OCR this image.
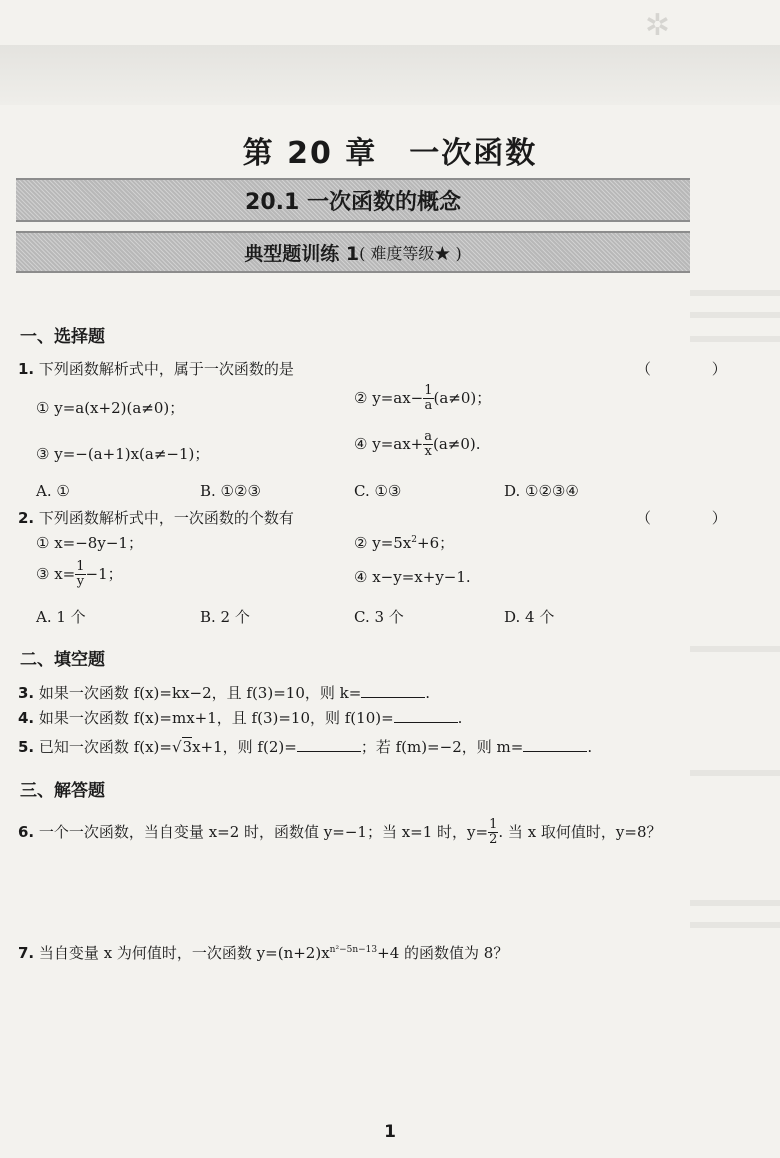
✲
第 20 章　一次函数
20.1 一次函数的概念
典型题训练 1 ( 难度等级★ )
一、选择题
1. 下列函数解析式中，属于一次函数的是	（ ）
① y=a(x+2)(a≠0)；
② $y=ax- \frac{1}{a} (a\ne 0)$；
③ y=−(a+1)x(a≠−1)；
④ $y=ax+ \frac{a}{x} (a\ne 0)$.
A. ①	B. ①②③	C. ①③	D. ①②③④
2. 下列函数解析式中，一次函数的个数有	（ ）
① x=−8y−1；	② $y=5x^2+6$；
③ $x= \frac{1}{y} -1$；	④ x−y=x+y−1.
A. 1 个	B. 2 个	C. 3 个	D. 4 个
二、填空题
3. 如果一次函数 f(x)=kx−2，且 f(3)=10，则 k=	.
4. 如果一次函数 f(x)=mx+1，且 f(3)=10，则 f(10)=	.
5. 已知一次函数 f(x)=√3x+1，则 f(2)=	；若 f(m)=−2，则 m=	.
三、解答题
6. 一个一次函数，当自变量 x=2 时，函数值 y=−1；当 x=1 时，$y= \frac{1}{2}$ . 当 x 取何值时，y=8？
7. 当自变量 x 为何值时，一次函数 $y=(n+2)x^{n^2-5n-13}+4$ 的函数值为 8？
1
